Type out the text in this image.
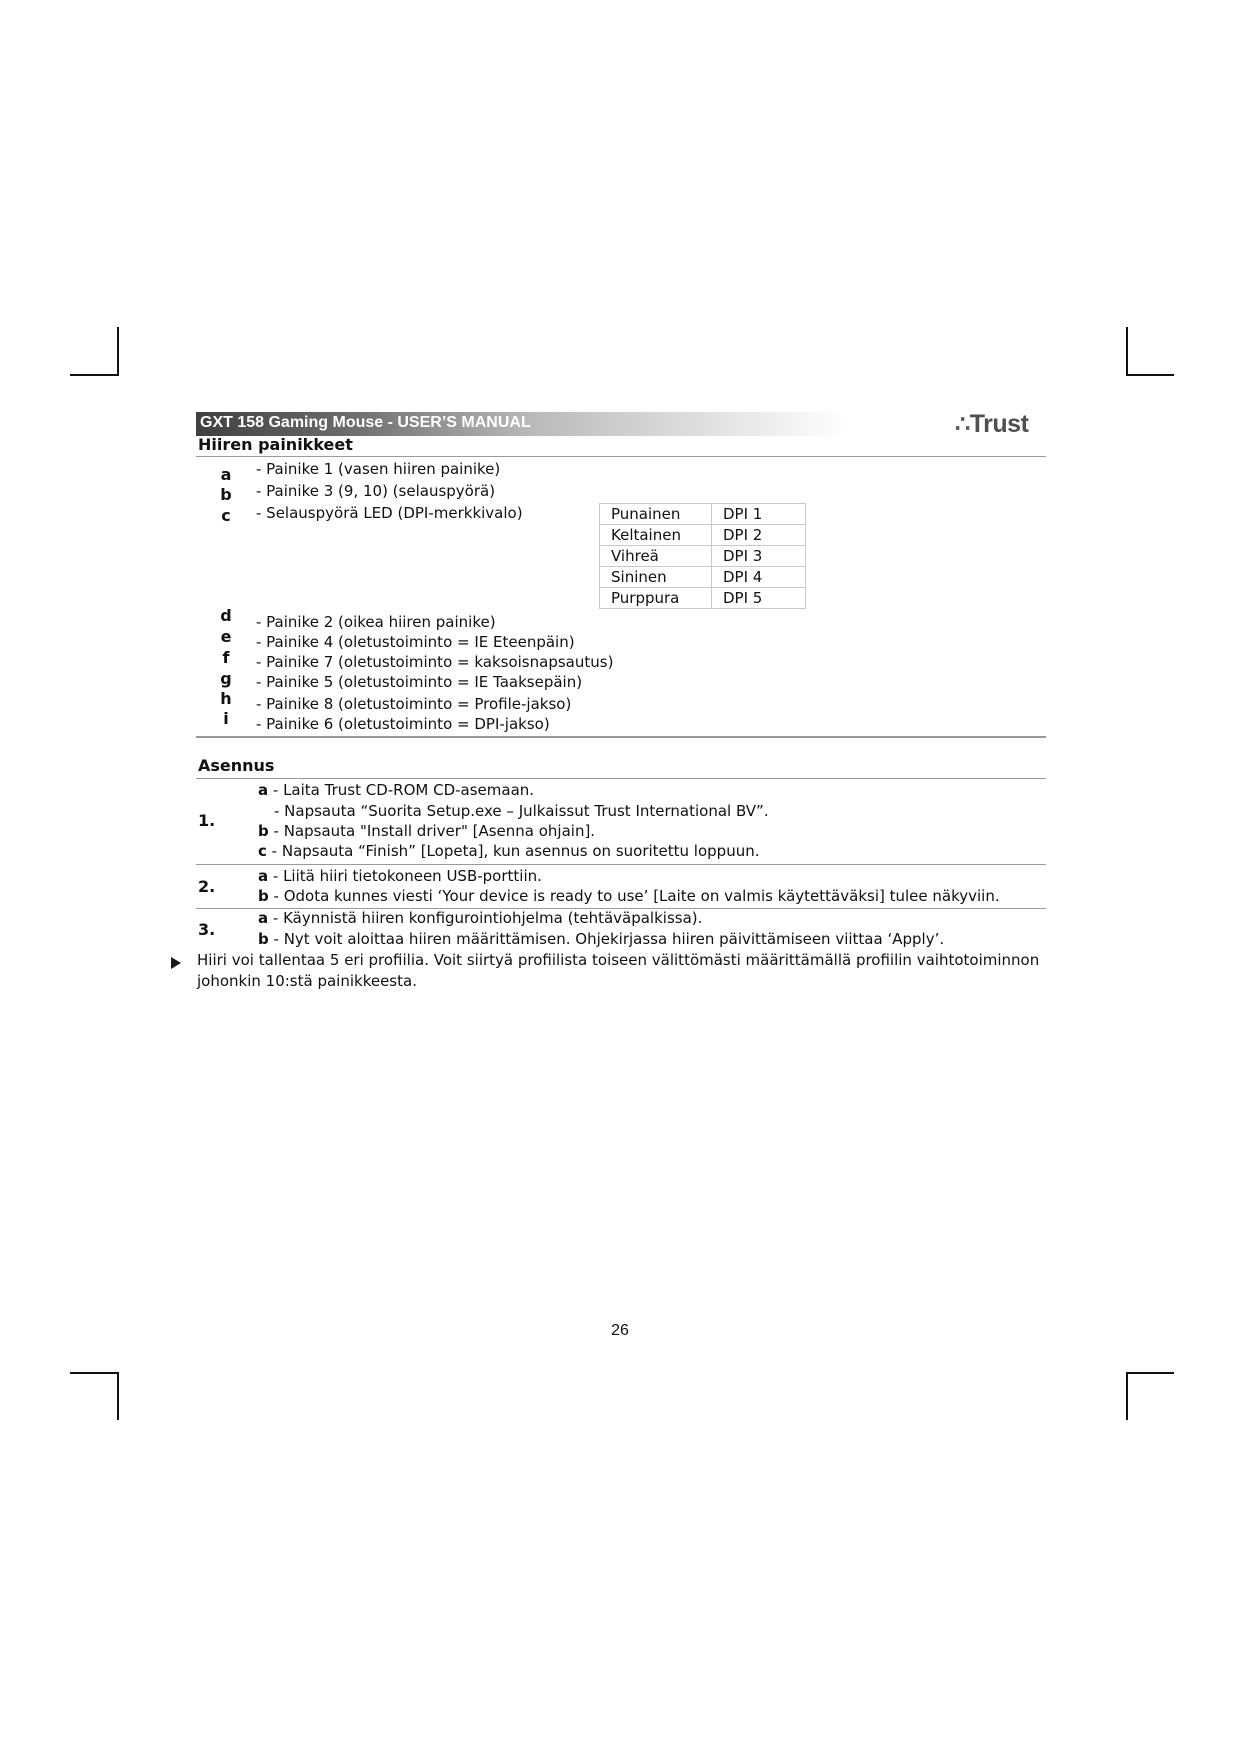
GXT 158 Gaming Mouse - USER’S MANUAL	∴Trust
Hiiren painikkeet
a - Painike 1 (vasen hiiren painike)
b - Painike 3 (9, 10) (selauspyörä)
c - Selauspyörä LED (DPI-merkkivalo)	Punainen	DPI 1
Keltainen	DPI 2
Vihreä	DPI 3
Sininen	DPI 4
Purppura	DPI 5
d - Painike 2 (oikea hiiren painike)
e - Painike 4 (oletustoiminto = IE Eteenpäin)
f	- Painike 7 (oletustoiminto = kaksoisnapsautus)
g - Painike 5 (oletustoiminto = IE Taaksepäin)
h - Painike 8 (oletustoiminto = Profile-jakso)
i	- Painike 6 (oletustoiminto = DPI-jakso)
Asennus
1.
a - Laita Trust CD-ROM CD-asemaan.
- Napsauta “Suorita Setup.exe – Julkaissut Trust International BV”.
b - Napsauta "Install driver" [Asenna ohjain].
c - Napsauta “Finish” [Lopeta], kun asennus on suoritettu loppuun.
2.
a - Liitä hiiri tietokoneen USB-porttiin.
b - Odota kunnes viesti ‘Your device is ready to use’ [Laite on valmis käytettäväksi] tulee näkyviin.
3.
a - Käynnistä hiiren konfigurointiohjelma (tehtäväpalkissa).
b - Nyt voit aloittaa hiiren määrittämisen. Ohjekirjassa hiiren päivittämiseen viittaa ‘Apply’.
Hiiri voi tallentaa 5 eri profiilia. Voit siirtyä profiilista toiseen välittömästi määrittämällä profiilin vaihtotoiminnon johonkin 10:stä painikkeesta.
26
